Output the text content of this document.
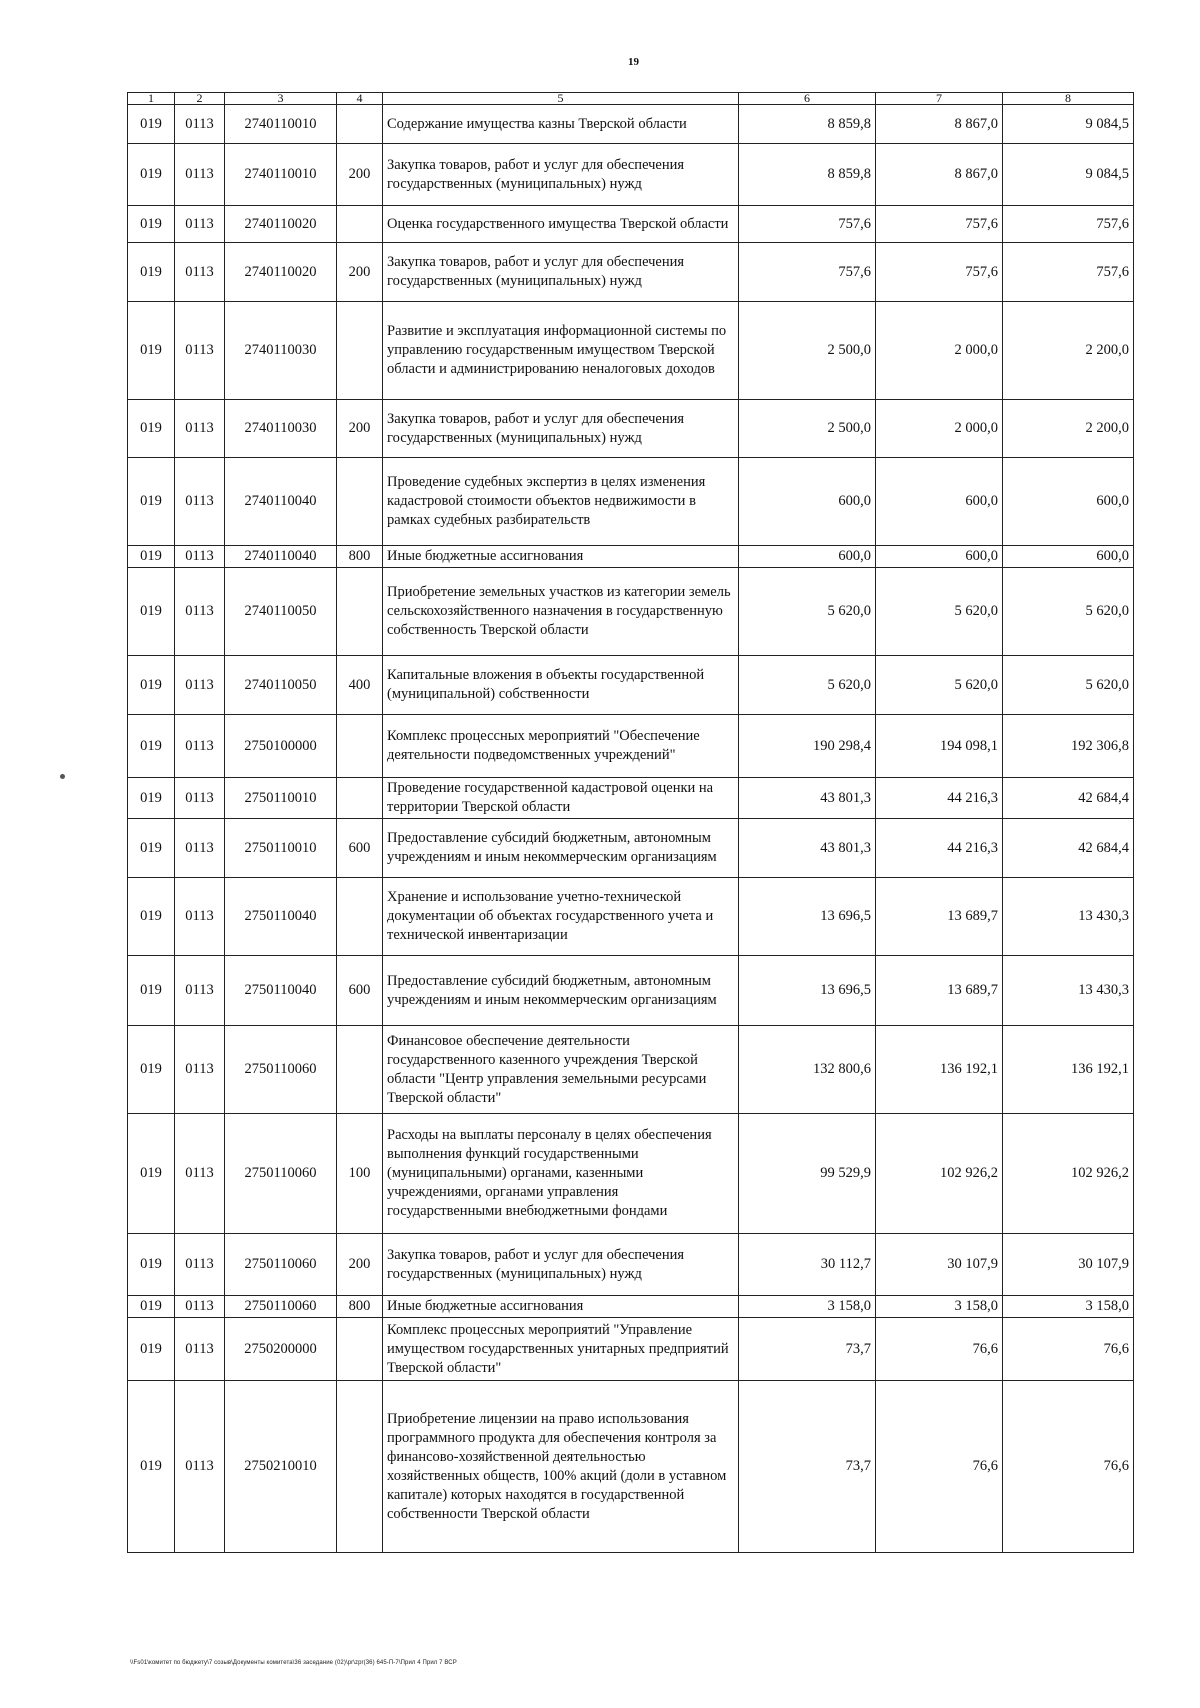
19
1	2	3	4	5	6	7	8
019	0113	2740110010		Содержание имущества казны Тверской области	8 859,8	8 867,0	9 084,5
019	0113	2740110010	200	Закупка товаров, работ и услуг для обеспечения государственных (муниципальных) нужд	8 859,8	8 867,0	9 084,5
019	0113	2740110020		Оценка государственного имущества Тверской области	757,6	757,6	757,6
019	0113	2740110020	200	Закупка товаров, работ и услуг для обеспечения государственных (муниципальных) нужд	757,6	757,6	757,6
019	0113	2740110030		Развитие и эксплуатация информационной системы по управлению государственным имуществом Тверской области и администрированию неналоговых доходов	2 500,0	2 000,0	2 200,0
019	0113	2740110030	200	Закупка товаров, работ и услуг для обеспечения государственных (муниципальных) нужд	2 500,0	2 000,0	2 200,0
019	0113	2740110040		Проведение судебных экспертиз в целях изменения кадастровой стоимости объектов недвижимости в рамках судебных разбирательств	600,0	600,0	600,0
019	0113	2740110040	800	Иные бюджетные ассигнования	600,0	600,0	600,0
019	0113	2740110050		Приобретение земельных участков из категории земель сельскохозяйственного назначения в государственную собственность Тверской области	5 620,0	5 620,0	5 620,0
019	0113	2740110050	400	Капитальные вложения в объекты государственной (муниципальной) собственности	5 620,0	5 620,0	5 620,0
019	0113	2750100000		Комплекс процессных мероприятий "Обеспечение деятельности подведомственных учреждений"	190 298,4	194 098,1	192 306,8
019	0113	2750110010		Проведение государственной кадастровой оценки на территории Тверской области	43 801,3	44 216,3	42 684,4
019	0113	2750110010	600	Предоставление субсидий бюджетным, автономным учреждениям и иным некоммерческим организациям	43 801,3	44 216,3	42 684,4
019	0113	2750110040		Хранение и использование учетно-технической документации об объектах государственного учета и технической инвентаризации	13 696,5	13 689,7	13 430,3
019	0113	2750110040	600	Предоставление субсидий бюджетным, автономным учреждениям и иным некоммерческим организациям	13 696,5	13 689,7	13 430,3
019	0113	2750110060		Финансовое обеспечение деятельности государственного казенного учреждения Тверской области "Центр управления земельными ресурсами Тверской области"	132 800,6	136 192,1	136 192,1
019	0113	2750110060	100	Расходы на выплаты персоналу в целях обеспечения выполнения функций государственными (муниципальными) органами, казенными учреждениями, органами управления государственными внебюджетными фондами	99 529,9	102 926,2	102 926,2
019	0113	2750110060	200	Закупка товаров, работ и услуг для обеспечения государственных (муниципальных) нужд	30 112,7	30 107,9	30 107,9
019	0113	2750110060	800	Иные бюджетные ассигнования	3 158,0	3 158,0	3 158,0
019	0113	2750200000		Комплекс процессных мероприятий "Управление имуществом государственных унитарных предприятий Тверской области"	73,7	76,6	76,6
019	0113	2750210010		Приобретение лицензии на право использования программного продукта для обеспечения контроля за финансово-хозяйственной деятельностью хозяйственных обществ, 100% акций (доли в уставном капитале) которых находятся в государственной собственности Тверской области	73,7	76,6	76,6
\\Fs01\комитет по бюджету\7 созыв\Документы комитета\36 заседание (02)\pr\zpr(36) 645-П-7\Прил 4 Прил 7 ВСР
